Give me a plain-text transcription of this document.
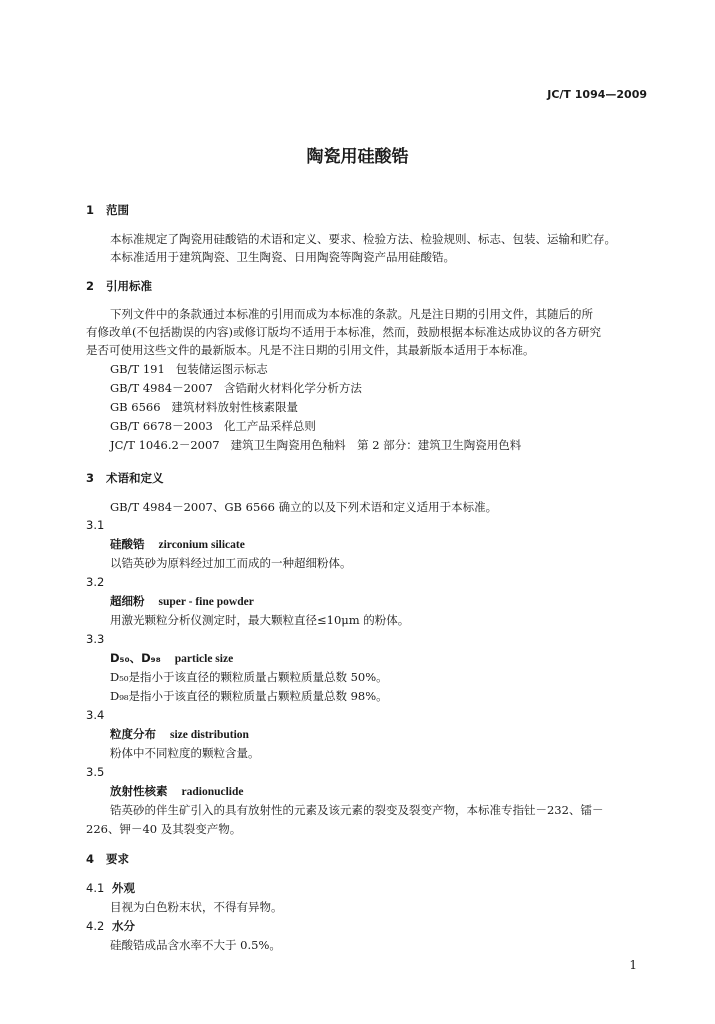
JC/T 1094—2009
陶瓷用硅酸锆
1 范围
本标准规定了陶瓷用硅酸锆的术语和定义、要求、检验方法、检验规则、标志、包装、运输和贮存。
本标准适用于建筑陶瓷、卫生陶瓷、日用陶瓷等陶瓷产品用硅酸锆。
2 引用标准
下列文件中的条款通过本标准的引用而成为本标准的条款。凡是注日期的引用文件，其随后的所
有修改单(不包括勘误的内容)或修订版均不适用于本标准，然而，鼓励根据本标准达成协议的各方研究
是否可使用这些文件的最新版本。凡是不注日期的引用文件，其最新版本适用于本标准。
GB/T 191 包装储运图示标志
GB/T 4984－2007 含锆耐火材料化学分析方法
GB 6566 建筑材料放射性核素限量
GB/T 6678－2003 化工产品采样总则
JC/T 1046.2－2007 建筑卫生陶瓷用色釉料　第 2 部分：建筑卫生陶瓷用色料
3 术语和定义
GB/T 4984－2007、GB 6566 确立的以及下列术语和定义适用于本标准。
3.1
硅酸锆 zirconium silicate
以锆英砂为原料经过加工而成的一种超细粉体。
3.2
超细粉 super - fine powder
用激光颗粒分析仪测定时，最大颗粒直径≤10μm 的粉体。
3.3
D₅₀、D₉₈ particle size
D₅₀是指小于该直径的颗粒质量占颗粒质量总数 50%。
D₉₈是指小于该直径的颗粒质量占颗粒质量总数 98%。
3.4
粒度分布 size distribution
粉体中不同粒度的颗粒含量。
3.5
放射性核素 radionuclide
锆英砂的伴生矿引入的具有放射性的元素及该元素的裂变及裂变产物，本标准专指钍－232、镭－
226、钾－40 及其裂变产物。
4 要求
4.1 外观
目视为白色粉末状，不得有异物。
4.2 水分
硅酸锆成品含水率不大于 0.5%。
1
